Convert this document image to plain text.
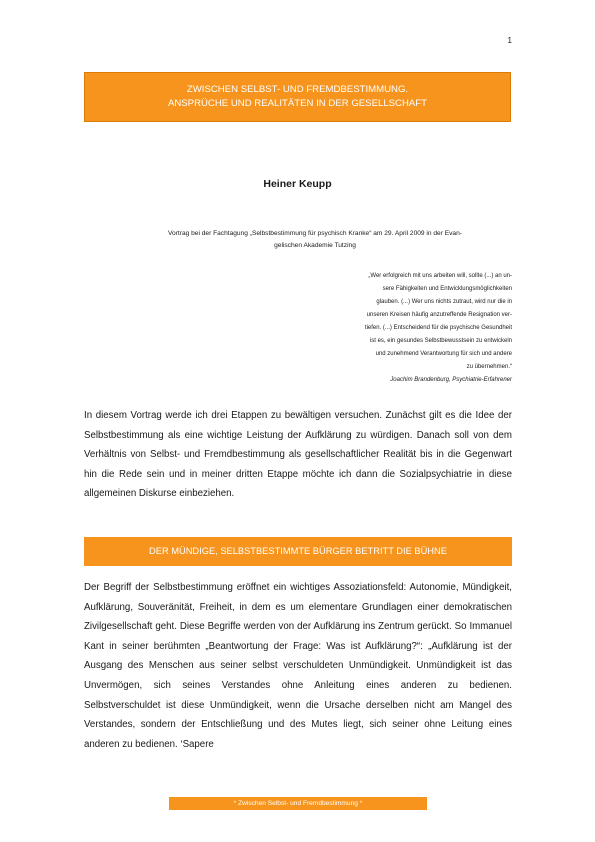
1
ZWISCHEN SELBST- UND FREMDBESTIMMUNG.
ANSPRÜCHE UND REALITÄTEN IN DER GESELLSCHAFT
Heiner Keupp
Vortrag bei der Fachtagung „Selbstbestimmung für psychisch Kranke“ am 29. April 2009 in der Evan-
gelischen Akademie Tutzing
„Wer erfolgreich mit uns arbeiten will, sollte (...) an un-
sere Fähigkeiten und Entwicklungsmöglichkeiten
glauben. (...) Wer uns nichts zutraut, wird nur die in
unseren Kreisen häufig anzutreffende Resignation ver-
tiefen. (...) Entscheidend für die psychische Gesundheit
ist es, ein gesundes Selbstbewusstsein zu entwickeln
und zunehmend Verantwortung für sich und andere
zu übernehmen.“
Joachim Brandenburg, Psychiatrie-Erfahrener
In diesem Vortrag werde ich drei Etappen zu bewältigen versuchen. Zunächst gilt es die Idee der Selbstbestimmung als eine wichtige Leistung der Aufklärung zu würdigen. Danach soll von dem Verhältnis von Selbst- und Fremdbestimmung als gesellschaftlicher Realität bis in die Gegenwart hin die Rede sein und in meiner dritten Etappe möchte ich dann die Sozialpsychiatrie in diese allgemeinen Diskurse einbeziehen.
DER MÜNDIGE, SELBSTBESTIMMTE BÜRGER BETRITT DIE BÜHNE
Der Begriff der Selbstbestimmung eröffnet ein wichtiges Assoziationsfeld: Autonomie, Mündigkeit, Aufklärung, Souveränität, Freiheit, in dem es um elementare Grundlagen einer demokratischen Zivilgesellschaft geht. Diese Begriffe werden von der Aufklärung ins Zentrum gerückt. So Immanuel Kant in seiner berühmten „Beantwortung der Frage: Was ist Aufklärung?“: „Aufklärung ist der Ausgang des Menschen aus seiner selbst verschuldeten Unmündigkeit. Unmündigkeit ist das Unvermögen, sich seines Verstandes ohne Anleitung eines anderen zu bedienen. Selbstverschuldet ist diese Unmündigkeit, wenn die Ursache derselben nicht am Mangel des Verstandes, sondern der Entschließung und des Mutes liegt, sich seiner ohne Leitung eines anderen zu bedienen. ‘Sapere
* Zwischen Selbst- und Fremdbestimmung *
